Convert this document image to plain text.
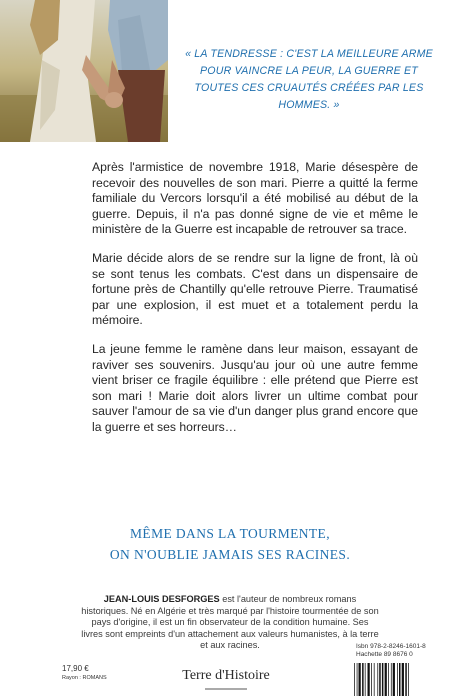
« LA TENDRESSE : C'EST LA MEILLEURE ARME POUR VAINCRE LA PEUR, LA GUERRE ET TOUTES CES CRUAUTÉS CRÉÉES PAR LES HOMMES. »

Après l'armistice de novembre 1918, Marie désespère de recevoir des nouvelles de son mari. Pierre a quitté la ferme familiale du Vercors lorsqu'il a été mobilisé au début de la guerre. Depuis, il n'a pas donné signe de vie et même le ministère de la Guerre est incapable de retrouver sa trace.

Marie décide alors de se rendre sur la ligne de front, là où se sont tenus les combats. C'est dans un dispensaire de fortune près de Chantilly qu'elle retrouve Pierre. Traumatisé par une explosion, il est muet et a totalement perdu la mémoire.

La jeune femme le ramène dans leur maison, essayant de raviver ses souvenirs. Jusqu'au jour où une autre femme vient briser ce fragile équilibre : elle prétend que Pierre est son mari ! Marie doit alors livrer un ultime combat pour sauver l'amour de sa vie d'un danger plus grand encore que la guerre et ses horreurs…

MÊME DANS LA TOURMENTE,
ON N'OUBLIE JAMAIS SES RACINES.
JEAN-LOUIS DESFORGES est l'auteur de nombreux romans historiques. Né en Algérie et très marqué par l'histoire tourmentée de son pays d'origine, il est un fin observateur de la condition humaine. Ses livres sont empreints d'un attachement aux valeurs humanistes, à la terre et aux racines.
17,90 €
Rayon : ROMANS	Terre d'Histoire
Isbn 978-2-8246-1601-8
Hachette 89 8676 0
